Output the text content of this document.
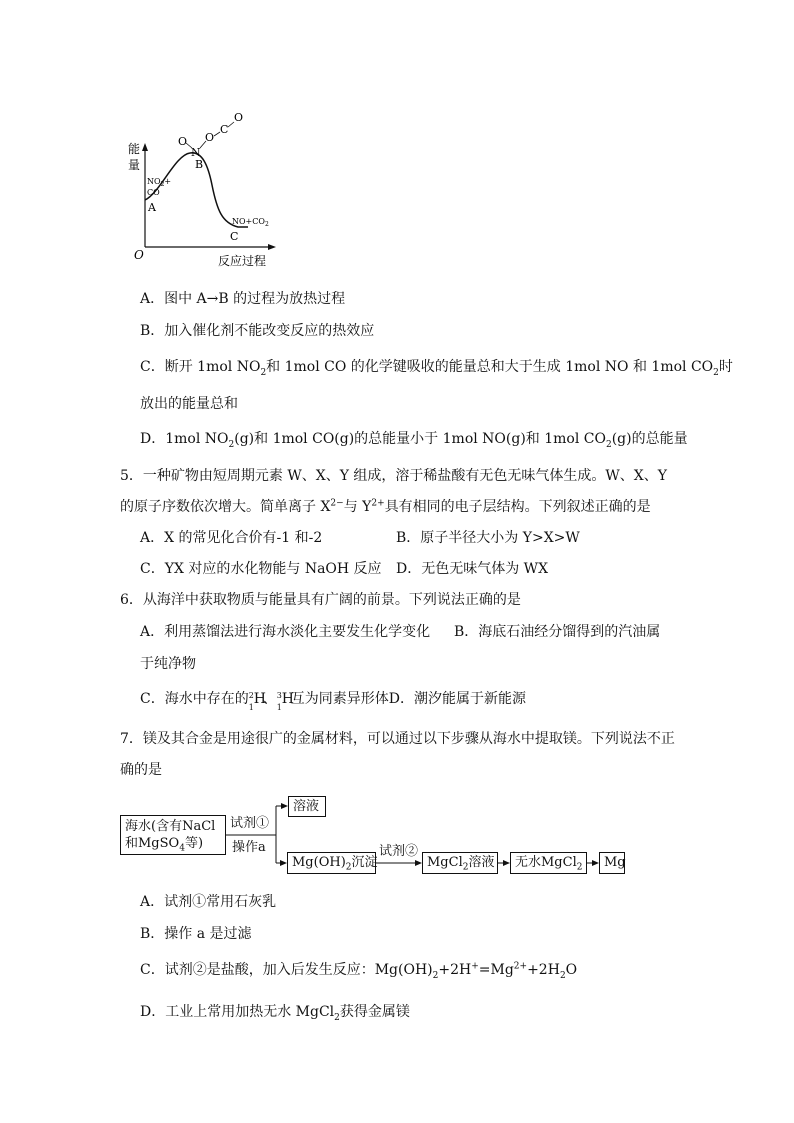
能
量
O	反应过程
$NO_2+$
CO
A
B
$NO+CO_2$
C
O
N
O
C
O
A．图中 A→B 的过程为放热过程
B．加入催化剂不能改变反应的热效应
C．断开 1mol $NO_2$和 1mol CO 的化学键吸收的能量总和大于生成 1mol NO 和 1mol $CO_2$时
放出的能量总和
D．1mol $NO_2(g)$和 1mol CO(g)的总能量小于 1mol NO(g)和 1mol $CO_2(g)$的总能量
5．一种矿物由短周期元素 W、X、Y 组成，溶于稀盐酸有无色无味气体生成。W、X、Y
的原子序数依次增大。简单离子 $X^{2-}$与 $Y^{2+}$具有相同的电子层结构。下列叙述正确的是
A．X 的常见化合价有-1 和-2	B．原子半径大小为 Y>X>W
C．YX 对应的水化物能与 NaOH 反应 D．无色无味气体为 WX
6．从海洋中获取物质与能量具有广阔的前景。下列说法正确的是
A．利用蒸馏法进行海水淡化主要发生化学变化 B．海底石油经分馏得到的汽油属
于纯净物
C．海水中存在的 2
1
H
、 3
1
H
互为同素异形体D．潮汐能属于新能源
7．镁及其合金是用途很广的金属材料，可以通过以下步骤从海水中提取镁。下列说法不正
确的是
海水(含有NaCl
和MgSO$_4$等)
试剂①
操作a
溶液
$Mg(OH)_2$沉淀
试剂②
MgCl$_2$溶液	无水MgCl$_2$	Mg
A．试剂①常用石灰乳
B．操作 a 是过滤
C．试剂②是盐酸，加入后发生反应：$Mg(OH)_2+2H^+=Mg^{2+}+2H_2O$
D．工业上常用加热无水 MgCl$_2$获得金属镁
